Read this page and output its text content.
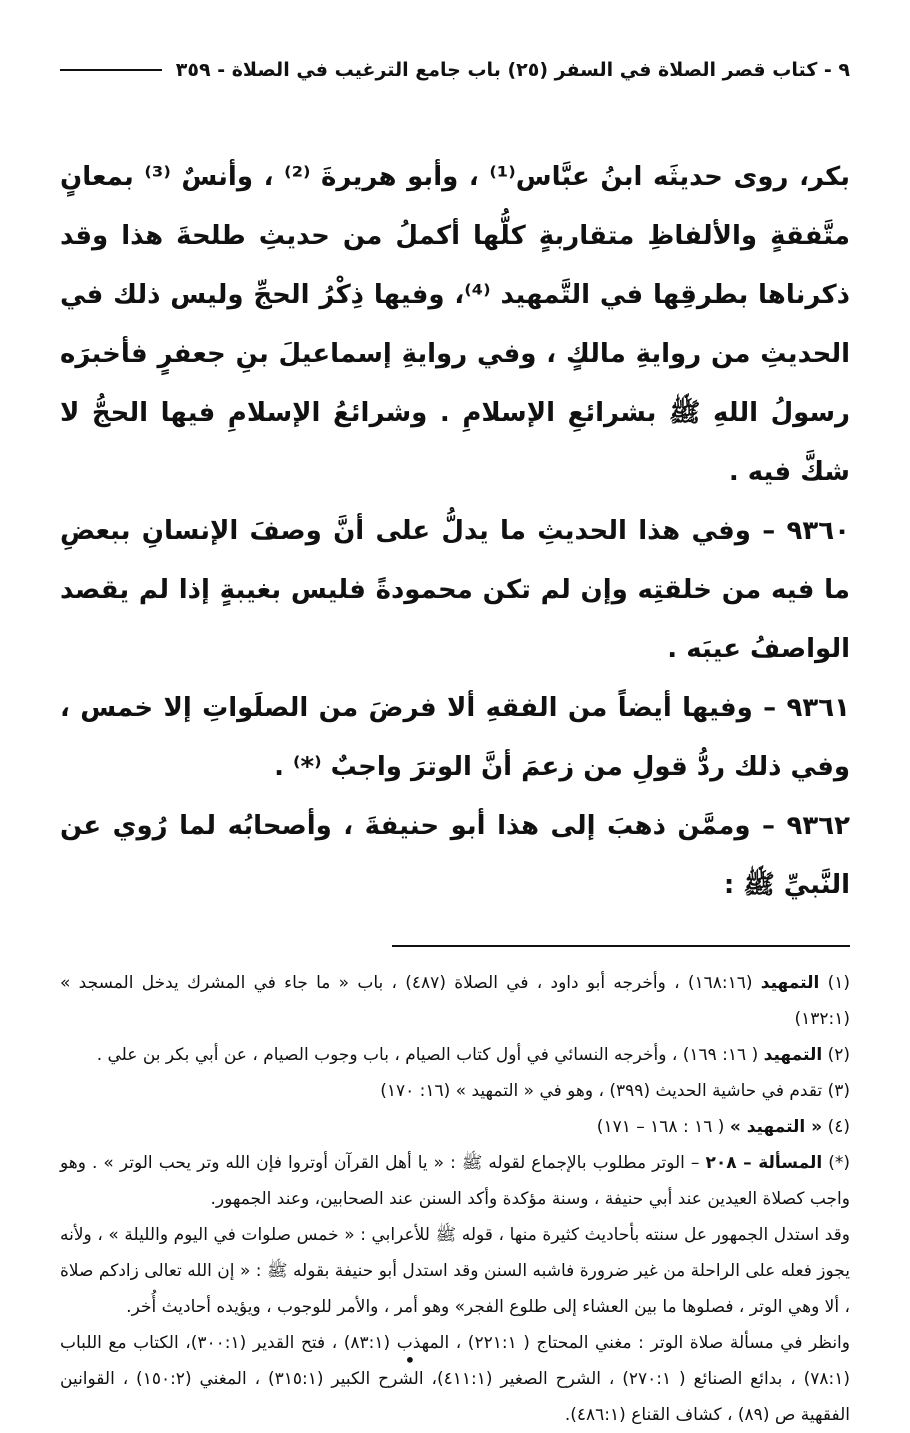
٩ - كتاب قصر الصلاة في السفر (٢٥) باب جامع الترغيب في الصلاة - ٣٥٩

بكر، روى حديثَه ابنُ عبَّاس⁽¹⁾ ، وأبو هريرةَ ⁽²⁾ ، وأنسٌ ⁽³⁾ بمعانٍ متَّفقةٍ والألفاظِ متقاربةٍ كلُّها أكملُ من حديثِ طلحةَ هذا وقد ذكرناها بطرقِها في التَّمهيد ⁽⁴⁾، وفيها ذِكْرُ الحجِّ وليس ذلك في الحديثِ من روايةِ مالكٍ ، وفي روايةِ إسماعيلَ بنِ جعفرٍ فأخبرَه رسولُ اللهِ ﷺ بشرائعِ الإسلامِ . وشرائعُ الإسلامِ فيها الحجُّ لا شكَّ فيه .

٩٣٦٠ – وفي هذا الحديثِ ما يدلُّ على أنَّ وصفَ الإنسانِ ببعضِ ما فيه من خلقتِه وإن لم تكن محمودةً فليس بغيبةٍ إذا لم يقصد الواصفُ عيبَه .

٩٣٦١ – وفيها أيضاً من الفقهِ ألا فرضَ من الصلَواتِ إلا خمس ، وفي ذلك ردُّ قولِ من زعمَ أنَّ الوترَ واجبٌ ⁽*⁾ .

٩٣٦٢ – وممَّن ذهبَ إلى هذا أبو حنيفةَ ، وأصحابُه لما رُوي عن النَّبيِّ ﷺ :

(١) التمهيد (١٦٨:١٦) ، وأخرجه أبو داود ، في الصلاة (٤٨٧) ، باب « ما جاء في المشرك يدخل المسجد » (١٣٢:١)

(٢) التمهيد ( ١٦: ١٦٩) ، وأخرجه النسائي في أول كتاب الصيام ، باب وجوب الصيام ، عن أبي بكر بن علي .

(٣) تقدم في حاشية الحديث (٣٩٩) ، وهو في « التمهيد » (١٦: ١٧٠)

(٤) « التمهيد » ( ١٦ : ١٦٨ – ١٧١)

(*) المسألة – ٢٠٨ – الوتر مطلوب بالإجماع لقوله ﷺ : « يا أهل القرآن أوتروا فإن الله وتر يحب الوتر » . وهو واجب كصلاة العيدين عند أبي حنيفة ، وسنة مؤكدة وأكد السنن عند الصحابين، وعند الجمهور.

وقد استدل الجمهور عل سنته بأحاديث كثيرة منها ، قوله ﷺ للأعرابي : « خمس صلوات في اليوم والليلة » ، ولأنه يجوز فعله على الراحلة من غير ضرورة فاشبه السنن وقد استدل أبو حنيفة بقوله ﷺ : « إن الله تعالى زادكم صلاة ، ألا وهي الوتر ، فصلوها ما بين العشاء إلى طلوع الفجر» وهو أمر ، والأمر للوجوب ، ويؤيده أحاديث أُخر.

وانظر في مسألة صلاة الوتر : مغني المحتاج ( ٢٢١:١) ، المهذب (٨٣:١) ، فتح القدير (٣٠٠:١)، الكتاب مع اللباب (٧٨:١) ، بدائع الصنائع ( ٢٧٠:١) ، الشرح الصغير (٤١١:١)، الشرح الكبير (٣١٥:١) ، المغني (١٥٠:٢) ، القوانين الفقهية ص (٨٩) ، كشاف القناع (٤٨٦:١).

•
